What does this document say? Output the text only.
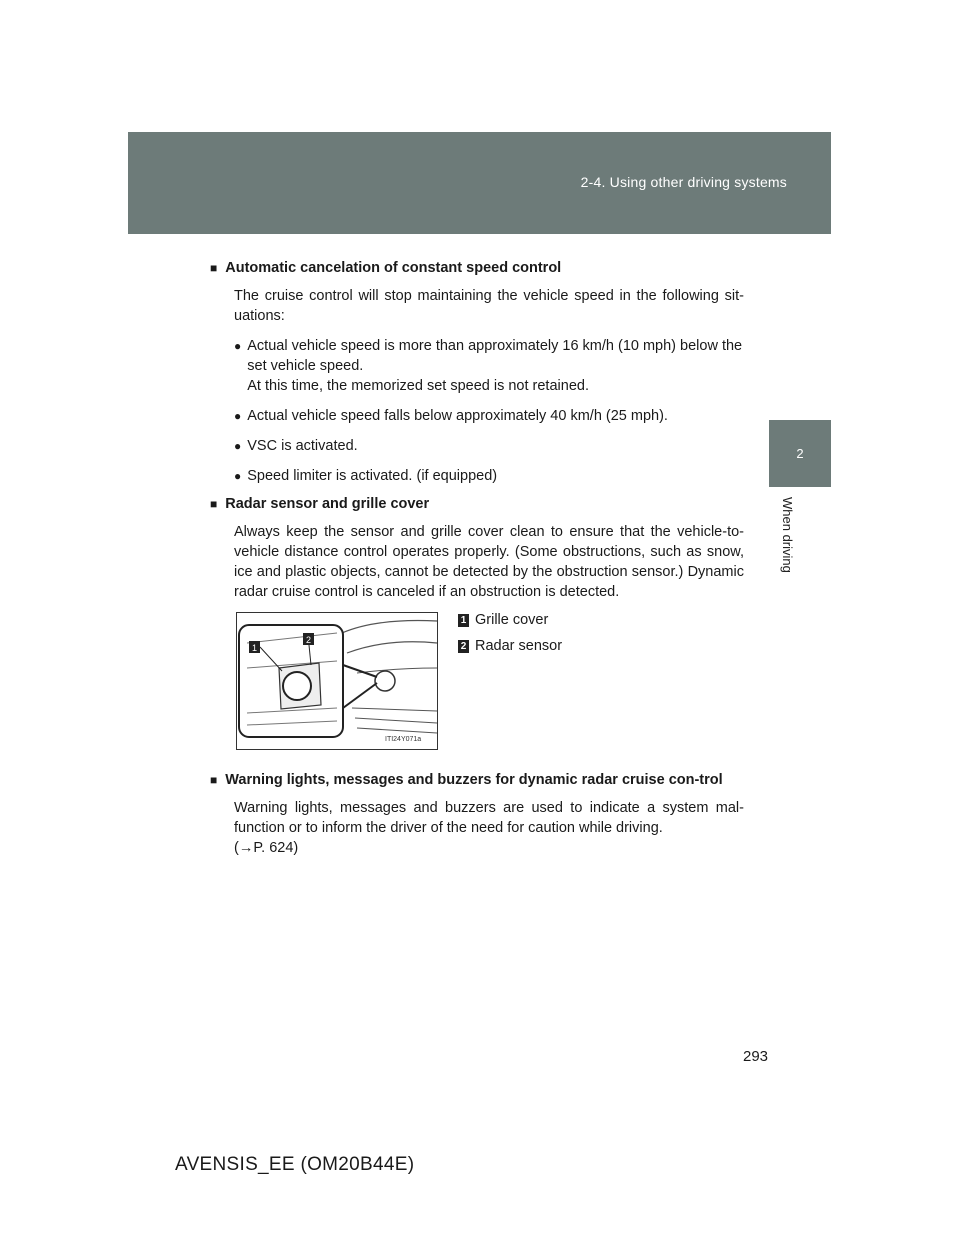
2-4. Using other driving systems
2
When driving
■ Automatic cancelation of constant speed control
The cruise control will stop maintaining the vehicle speed in the following sit-uations:
● Actual vehicle speed is more than approximately 16 km/h (10 mph) below the set vehicle speed.
At this time, the memorized set speed is not retained.
● Actual vehicle speed falls below approximately 40 km/h (25 mph).
● VSC is activated.
● Speed limiter is activated. (if equipped)
■ Radar sensor and grille cover
Always keep the sensor and grille cover clean to ensure that the vehicle-to-vehicle distance control operates properly. (Some obstructions, such as snow, ice and plastic objects, cannot be detected by the obstruction sensor.) Dynamic radar cruise control is canceled if an obstruction is detected.
1
2
ITI24Y071a
1 Grille cover
2 Radar sensor
■ Warning lights, messages and buzzers for dynamic radar cruise con-trol
Warning lights, messages and buzzers are used to indicate a system mal-function or to inform the driver of the need for caution while driving.
(→P. 624)
293
AVENSIS_EE (OM20B44E)
